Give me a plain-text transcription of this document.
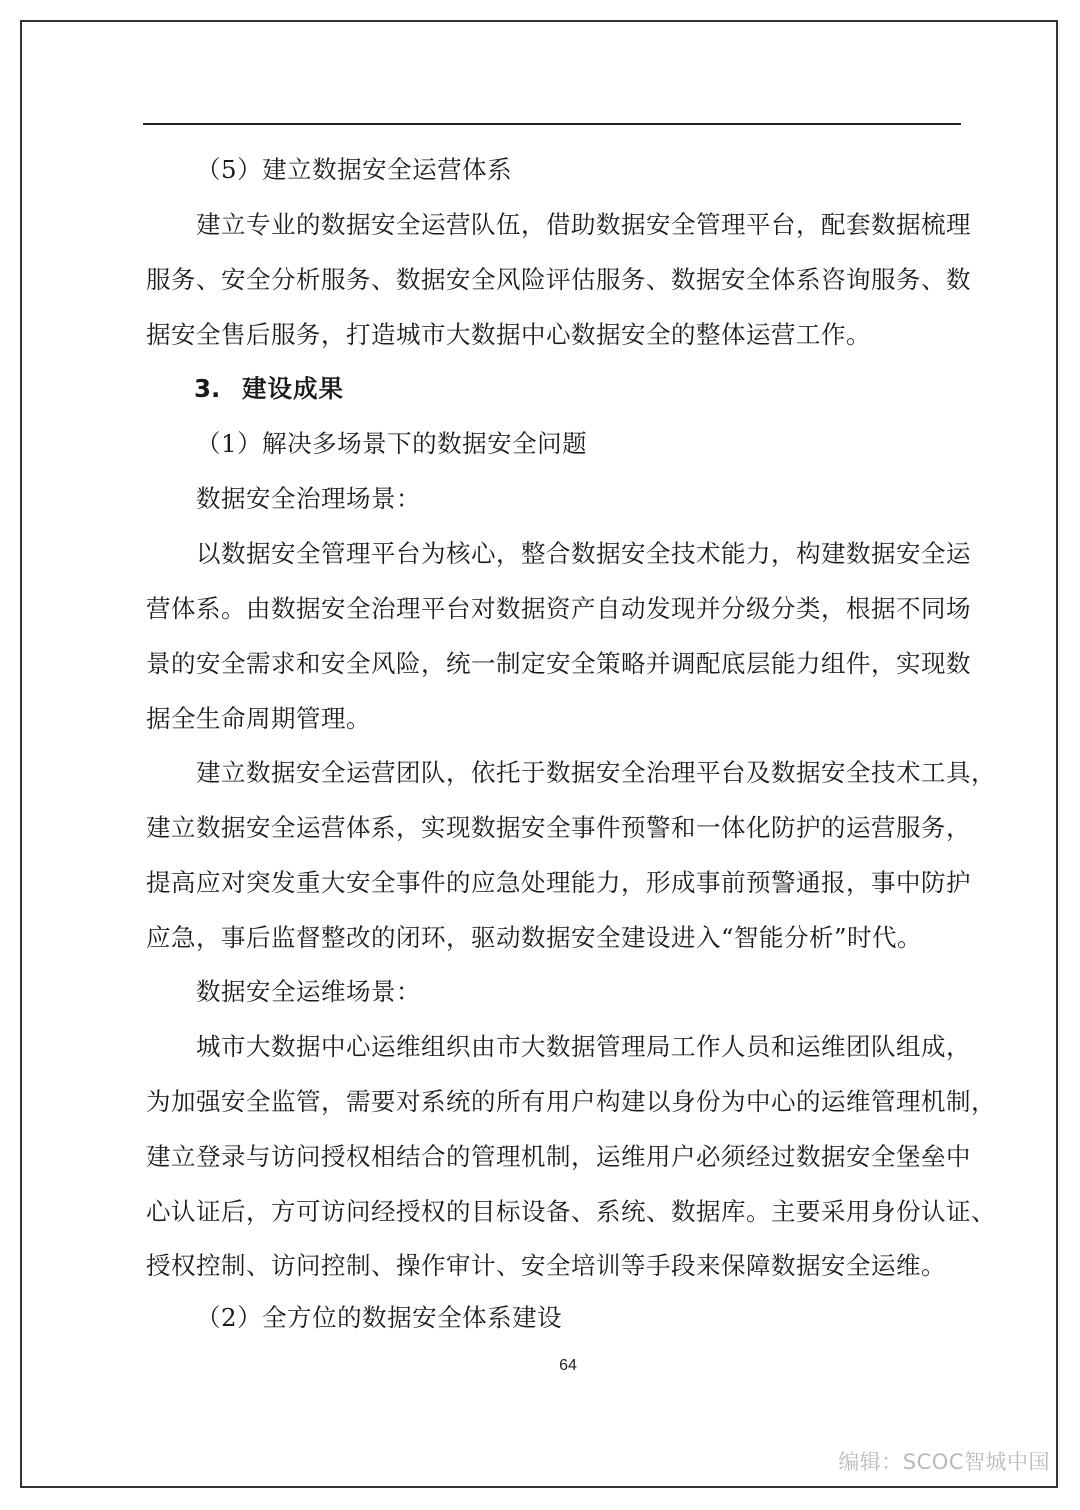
（5）建立数据安全运营体系
建立专业的数据安全运营队伍，借助数据安全管理平台，配套数据梳理
服务、安全分析服务、数据安全风险评估服务、数据安全体系咨询服务、数
据安全售后服务，打造城市大数据中心数据安全的整体运营工作。
3. 建设成果
（1）解决多场景下的数据安全问题
数据安全治理场景：
以数据安全管理平台为核心，整合数据安全技术能力，构建数据安全运
营体系。由数据安全治理平台对数据资产自动发现并分级分类，根据不同场
景的安全需求和安全风险，统一制定安全策略并调配底层能力组件，实现数
据全生命周期管理。
建立数据安全运营团队，依托于数据安全治理平台及数据安全技术工具，
建立数据安全运营体系，实现数据安全事件预警和一体化防护的运营服务，
提高应对突发重大安全事件的应急处理能力，形成事前预警通报，事中防护
应急，事后监督整改的闭环，驱动数据安全建设进入“智能分析”时代。
数据安全运维场景：
城市大数据中心运维组织由市大数据管理局工作人员和运维团队组成，
为加强安全监管，需要对系统的所有用户构建以身份为中心的运维管理机制，
建立登录与访问授权相结合的管理机制，运维用户必须经过数据安全堡垒中
心认证后，方可访问经授权的目标设备、系统、数据库。主要采用身份认证、
授权控制、访问控制、操作审计、安全培训等手段来保障数据安全运维。
（2）全方位的数据安全体系建设
64
编辑：SCOC智城中国
